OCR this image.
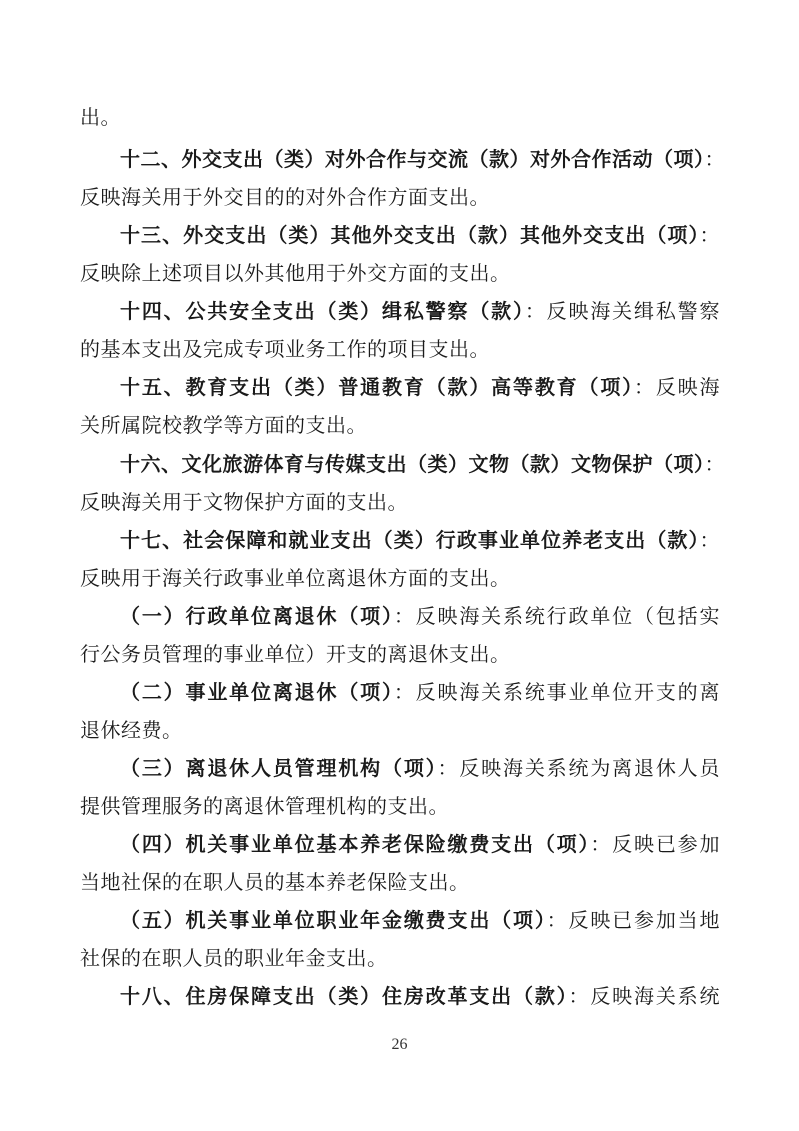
出。
十二、外交支出（类）对外合作与交流（款）对外合作活动（项）：
反映海关用于外交目的的对外合作方面支出。
十三、外交支出（类）其他外交支出（款）其他外交支出（项）：
反映除上述项目以外其他用于外交方面的支出。
十四、公共安全支出（类）缉私警察（款）：反映海关缉私警察
的基本支出及完成专项业务工作的项目支出。
十五、教育支出（类）普通教育（款）高等教育（项）：反映海
关所属院校教学等方面的支出。
十六、文化旅游体育与传媒支出（类）文物（款）文物保护（项）：
反映海关用于文物保护方面的支出。
十七、社会保障和就业支出（类）行政事业单位养老支出（款）：
反映用于海关行政事业单位离退休方面的支出。
（一）行政单位离退休（项）：反映海关系统行政单位（包括实
行公务员管理的事业单位）开支的离退休支出。
（二）事业单位离退休（项）：反映海关系统事业单位开支的离
退休经费。
（三）离退休人员管理机构（项）：反映海关系统为离退休人员
提供管理服务的离退休管理机构的支出。
（四）机关事业单位基本养老保险缴费支出（项）：反映已参加
当地社保的在职人员的基本养老保险支出。
（五）机关事业单位职业年金缴费支出（项）：反映已参加当地
社保的在职人员的职业年金支出。
十八、住房保障支出（类）住房改革支出（款）：反映海关系统
26
